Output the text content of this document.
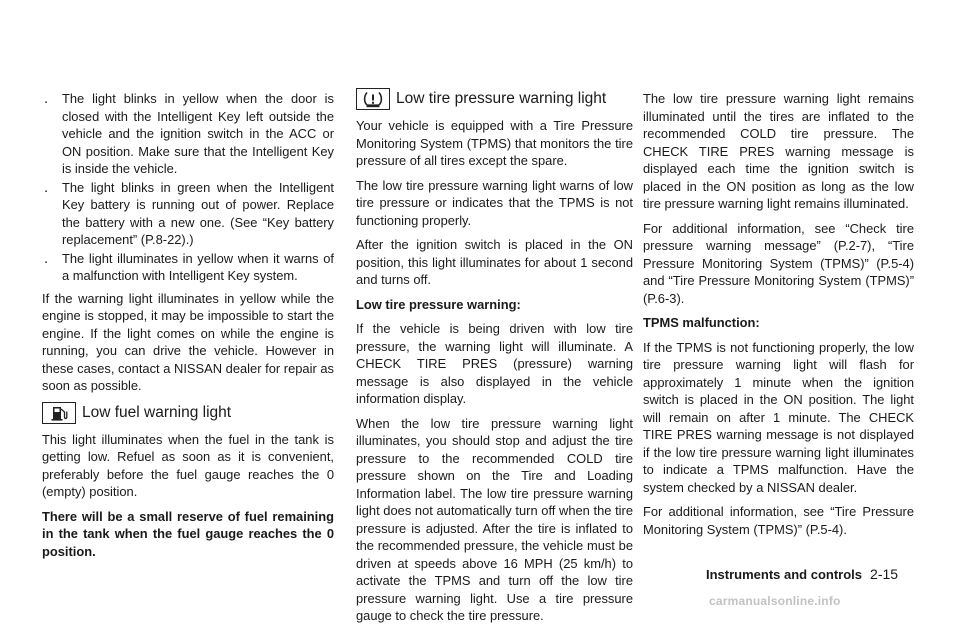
. The light blinks in yellow when the door is closed with the Intelligent Key left outside the vehicle and the ignition switch in the ACC or ON position. Make sure that the Intelligent Key is inside the vehicle.
. The light blinks in green when the Intelligent Key battery is running out of power. Replace the battery with a new one. (See “Key battery replacement” (P.8-22).)
. The light illuminates in yellow when it warns of a malfunction with Intelligent Key system.

If the warning light illuminates in yellow while the engine is stopped, it may be impossible to start the engine. If the light comes on while the engine is running, you can drive the vehicle. However in these cases, contact a NISSAN dealer for repair as soon as possible.

Low fuel warning light

This light illuminates when the fuel in the tank is getting low. Refuel as soon as it is convenient, preferably before the fuel gauge reaches the 0 (empty) position.

There will be a small reserve of fuel remaining in the tank when the fuel gauge reaches the 0 position.

Low tire pressure warning light

Your vehicle is equipped with a Tire Pressure Monitoring System (TPMS) that monitors the tire pressure of all tires except the spare.

The low tire pressure warning light warns of low tire pressure or indicates that the TPMS is not functioning properly.

After the ignition switch is placed in the ON position, this light illuminates for about 1 second and turns off.

Low tire pressure warning:

If the vehicle is being driven with low tire pressure, the warning light will illuminate. A CHECK TIRE PRES (pressure) warning message is also displayed in the vehicle information display.

When the low tire pressure warning light illuminates, you should stop and adjust the tire pressure to the recommended COLD tire pressure shown on the Tire and Loading Information label. The low tire pressure warning light does not automatically turn off when the tire pressure is adjusted. After the tire is inflated to the recommended pressure, the vehicle must be driven at speeds above 16 MPH (25 km/h) to activate the TPMS and turn off the low tire pressure warning light. Use a tire pressure gauge to check the tire pressure.

The low tire pressure warning light remains illuminated until the tires are inflated to the recommended COLD tire pressure. The CHECK TIRE PRES warning message is displayed each time the ignition switch is placed in the ON position as long as the low tire pressure warning light remains illuminated.

For additional information, see “Check tire pressure warning message” (P.2-7), “Tire Pressure Monitoring System (TPMS)” (P.5-4) and “Tire Pressure Monitoring System (TPMS)” (P.6-3).

TPMS malfunction:

If the TPMS is not functioning properly, the low tire pressure warning light will flash for approximately 1 minute when the ignition switch is placed in the ON position. The light will remain on after 1 minute. The CHECK TIRE PRES warning message is not displayed if the low tire pressure warning light illuminates to indicate a TPMS malfunction. Have the system checked by a NISSAN dealer.

For additional information, see “Tire Pressure Monitoring System (TPMS)” (P.5-4).

Instruments and controls 2-15
carmanualsonline.info
